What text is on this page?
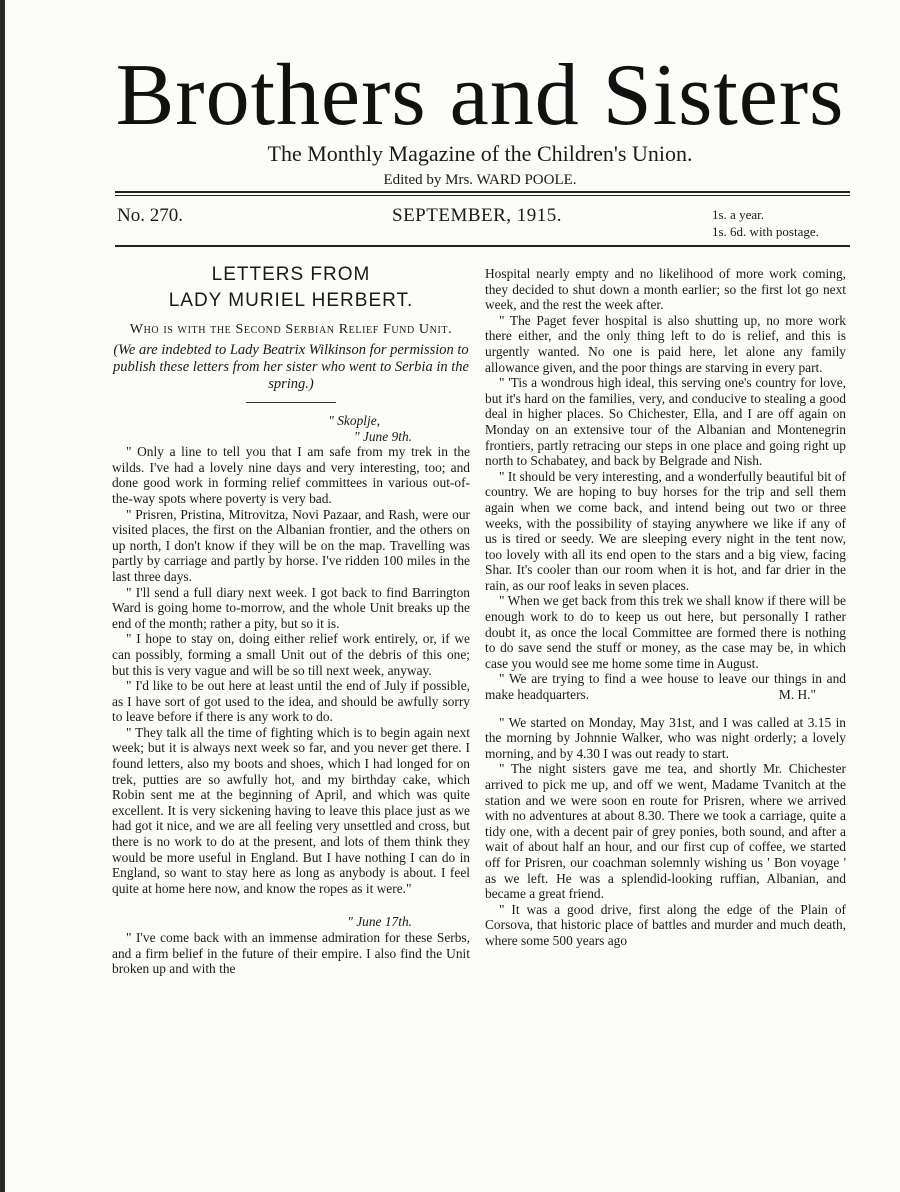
Brothers and Sisters
The Monthly Magazine of the Children's Union.
Edited by Mrs. WARD POOLE.
No. 270.	SEPTEMBER, 1915.	1s. a year.
1s. 6d. with postage.
LETTERS FROM
LADY MURIEL HERBERT.
Who is with the Second Serbian Relief Fund Unit.
(We are indebted to Lady Beatrix Wilkinson for permission to publish these letters from her sister who went to Serbia in the spring.)
" Skoplje,
" June 9th.

" Only a line to tell you that I am safe from my trek in the wilds. I've had a lovely nine days and very interesting, too; and done good work in forming relief committees in various out-of-the-way spots where poverty is very bad.

" Prisren, Pristina, Mitrovitza, Novi Pazaar, and Rash, were our visited places, the first on the Albanian frontier, and the others on up north, I don't know if they will be on the map. Travelling was partly by carriage and partly by horse. I've ridden 100 miles in the last three days.

" I'll send a full diary next week. I got back to find Barrington Ward is going home to-morrow, and the whole Unit breaks up the end of the month; rather a pity, but so it is.

" I hope to stay on, doing either relief work entirely, or, if we can possibly, forming a small Unit out of the debris of this one; but this is very vague and will be so till next week, anyway.

" I'd like to be out here at least until the end of July if possible, as I have sort of got used to the idea, and should be awfully sorry to leave before if there is any work to do.

" They talk all the time of fighting which is to begin again next week; but it is always next week so far, and you never get there. I found letters, also my boots and shoes, which I had longed for on trek, putties are so awfully hot, and my birthday cake, which Robin sent me at the beginning of April, and which was quite excellent. It is very sickening having to leave this place just as we had got it nice, and we are all feeling very unsettled and cross, but there is no work to do at the present, and lots of them think they would be more useful in England. But I have nothing I can do in England, so want to stay here as long as anybody is about. I feel quite at home here now, and know the ropes as it were."

" June 17th.

" I've come back with an immense admiration for these Serbs, and a firm belief in the future of their empire. I also find the Unit broken up and with the

Hospital nearly empty and no likelihood of more work coming, they decided to shut down a month earlier; so the first lot go next week, and the rest the week after.

" The Paget fever hospital is also shutting up, no more work there either, and the only thing left to do is relief, and this is urgently wanted. No one is paid here, let alone any family allowance given, and the poor things are starving in every part.

" 'Tis a wondrous high ideal, this serving one's country for love, but it's hard on the families, very, and conducive to stealing a good deal in higher places. So Chichester, Ella, and I are off again on Monday on an extensive tour of the Albanian and Montenegrin frontiers, partly retracing our steps in one place and going right up north to Schabatey, and back by Belgrade and Nish.

" It should be very interesting, and a wonderfully beautiful bit of country. We are hoping to buy horses for the trip and sell them again when we come back, and intend being out two or three weeks, with the possibility of staying anywhere we like if any of us is tired or seedy. We are sleeping every night in the tent now, too lovely with all its end open to the stars and a big view, facing Shar. It's cooler than our room when it is hot, and far drier in the rain, as our roof leaks in seven places.

" When we get back from this trek we shall know if there will be enough work to do to keep us out here, but personally I rather doubt it, as once the local Committee are formed there is nothing to do save send the stuff or money, as the case may be, in which case you would see me home some time in August.

" We are trying to find a wee house to leave our things in and make headquarters.	M. H."

" We started on Monday, May 31st, and I was called at 3.15 in the morning by Johnnie Walker, who was night orderly; a lovely morning, and by 4.30 I was out ready to start.

" The night sisters gave me tea, and shortly Mr. Chichester arrived to pick me up, and off we went, Madame Tvanitch at the station and we were soon en route for Prisren, where we arrived with no adventures at about 8.30. There we took a carriage, quite a tidy one, with a decent pair of grey ponies, both sound, and after a wait of about half an hour, and our first cup of coffee, we started off for Prisren, our coachman solemnly wishing us ' Bon voyage ' as we left. He was a splendid-looking ruffian, Albanian, and became a great friend.

" It was a good drive, first along the edge of the Plain of Corsova, that historic place of battles and murder and much death, where some 500 years ago
